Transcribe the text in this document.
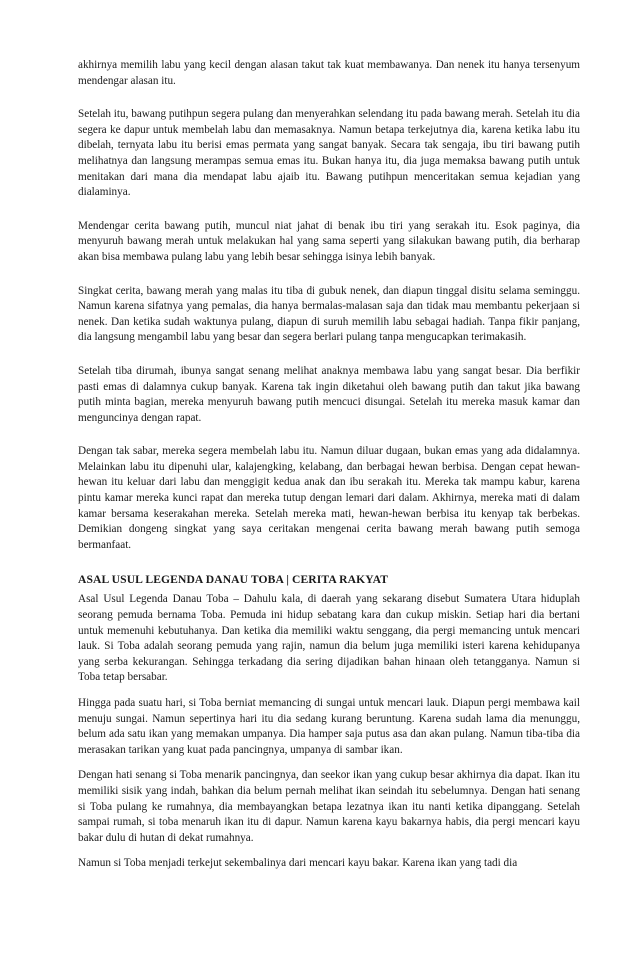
akhirnya memilih labu yang kecil dengan alasan takut tak kuat membawanya. Dan nenek itu hanya tersenyum mendengar alasan itu.

Setelah itu, bawang putihpun segera pulang dan menyerahkan selendang itu pada bawang merah. Setelah itu dia segera ke dapur untuk membelah labu dan memasaknya. Namun betapa terkejutnya dia, karena ketika labu itu dibelah, ternyata labu itu berisi emas permata yang sangat banyak. Secara tak sengaja, ibu tiri bawang putih melihatnya dan langsung merampas semua emas itu. Bukan hanya itu, dia juga memaksa bawang putih untuk menitakan dari mana dia mendapat labu ajaib itu. Bawang putihpun menceritakan semua kejadian yang dialaminya.

Mendengar cerita bawang putih, muncul niat jahat di benak ibu tiri yang serakah itu. Esok paginya, dia menyuruh bawang merah untuk melakukan hal yang sama seperti yang silakukan bawang putih, dia berharap akan bisa membawa pulang labu yang lebih besar sehingga isinya lebih banyak.

Singkat cerita, bawang merah yang malas itu tiba di gubuk nenek, dan diapun tinggal disitu selama seminggu. Namun karena sifatnya yang pemalas, dia hanya bermalas-malasan saja dan tidak mau membantu pekerjaan si nenek. Dan ketika sudah waktunya pulang, diapun di suruh memilih labu sebagai hadiah. Tanpa fikir panjang, dia langsung mengambil labu yang besar dan segera berlari pulang tanpa mengucapkan terimakasih.

Setelah tiba dirumah, ibunya sangat senang melihat anaknya membawa labu yang sangat besar. Dia berfikir pasti emas di dalamnya cukup banyak. Karena tak ingin diketahui oleh bawang putih dan takut jika bawang putih minta bagian, mereka menyuruh bawang putih mencuci disungai. Setelah itu mereka masuk kamar dan menguncinya dengan rapat.

Dengan tak sabar, mereka segera membelah labu itu. Namun diluar dugaan, bukan emas yang ada didalamnya. Melainkan labu itu dipenuhi ular, kalajengking, kelabang, dan berbagai hewan berbisa. Dengan cepat hewan-hewan itu keluar dari labu dan menggigit kedua anak dan ibu serakah itu. Mereka tak mampu kabur, karena pintu kamar mereka kunci rapat dan mereka tutup dengan lemari dari dalam. Akhirnya, mereka mati di dalam kamar bersama keserakahan mereka. Setelah mereka mati, hewan-hewan berbisa itu kenyap tak berbekas. Demikian dongeng singkat yang saya ceritakan mengenai cerita bawang merah bawang putih semoga bermanfaat.

ASAL USUL LEGENDA DANAU TOBA | CERITA RAKYAT

Asal Usul Legenda Danau Toba – Dahulu kala, di daerah yang sekarang disebut Sumatera Utara hiduplah seorang pemuda bernama Toba. Pemuda ini hidup sebatang kara dan cukup miskin. Setiap hari dia bertani untuk memenuhi kebutuhanya. Dan ketika dia memiliki waktu senggang, dia pergi memancing untuk mencari lauk. Si Toba adalah seorang pemuda yang rajin, namun dia belum juga memiliki isteri karena kehidupanya yang serba kekurangan. Sehingga terkadang dia sering dijadikan bahan hinaan oleh tetangganya. Namun si Toba tetap bersabar.

Hingga pada suatu hari, si Toba berniat memancing di sungai untuk mencari lauk. Diapun pergi membawa kail menuju sungai. Namun sepertinya hari itu dia sedang kurang beruntung. Karena sudah lama dia menunggu, belum ada satu ikan yang memakan umpanya. Dia hamper saja putus asa dan akan pulang. Namun tiba-tiba dia merasakan tarikan yang kuat pada pancingnya, umpanya di sambar ikan.

Dengan hati senang si Toba menarik pancingnya, dan seekor ikan yang cukup besar akhirnya dia dapat. Ikan itu memiliki sisik yang indah, bahkan dia belum pernah melihat ikan seindah itu sebelumnya. Dengan hati senang si Toba pulang ke rumahnya, dia membayangkan betapa lezatnya ikan itu nanti ketika dipanggang. Setelah sampai rumah, si toba menaruh ikan itu di dapur. Namun karena kayu bakarnya habis, dia pergi mencari kayu bakar dulu di hutan di dekat rumahnya.

Namun si Toba menjadi terkejut sekembalinya dari mencari kayu bakar. Karena ikan yang tadi dia
